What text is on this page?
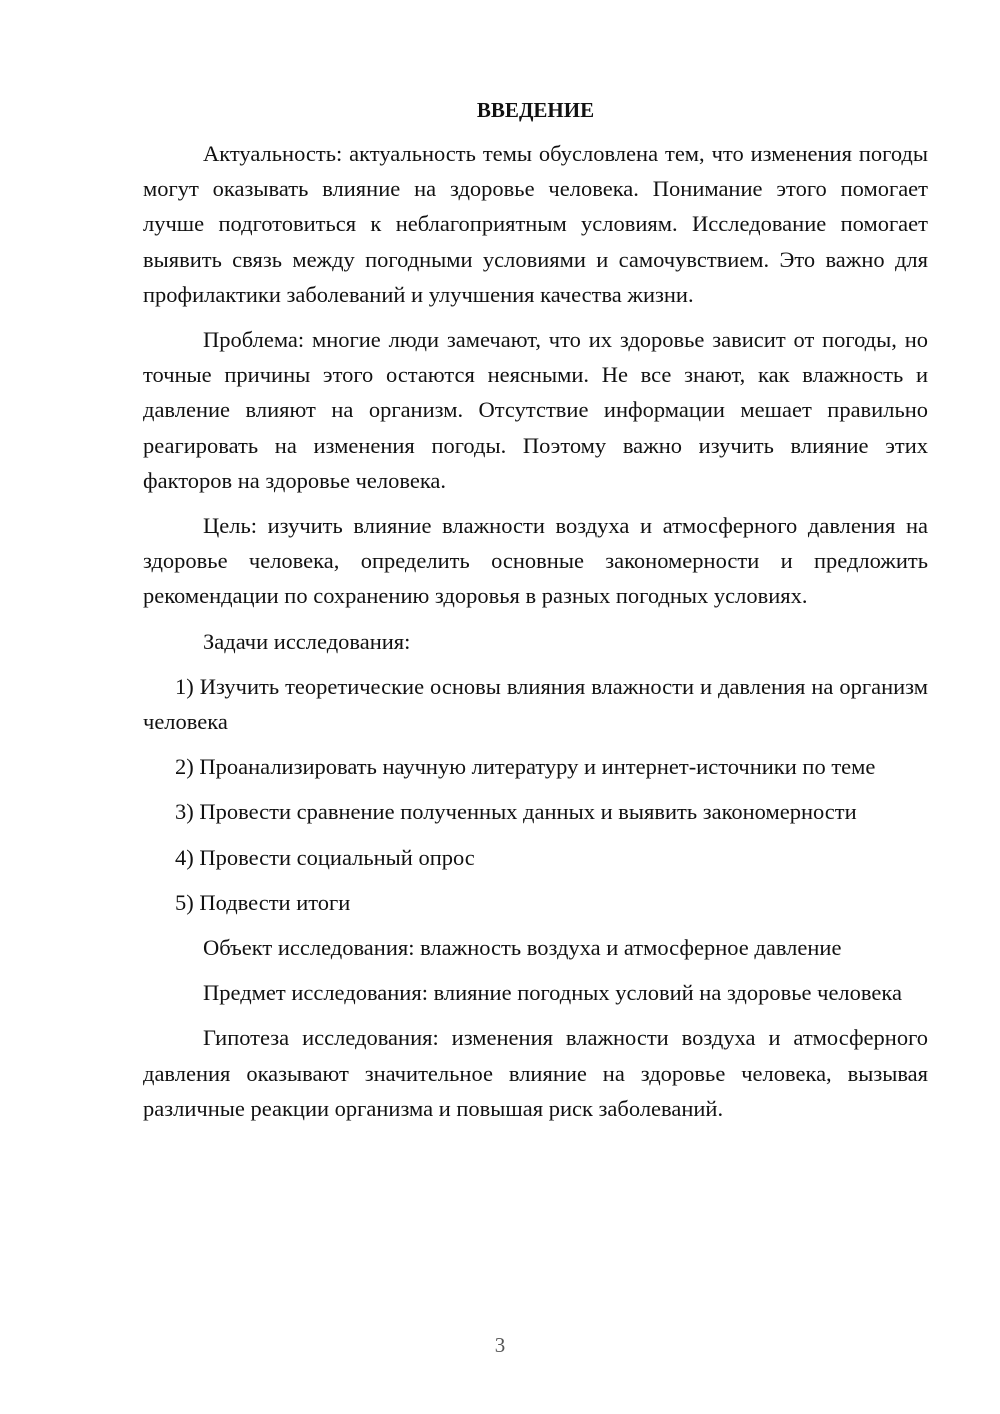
ВВЕДЕНИЕ

Актуальность: актуальность темы обусловлена тем, что изменения погоды могут оказывать влияние на здоровье человека. Понимание этого помогает лучше подготовиться к неблагоприятным условиям. Исследование помогает выявить связь между погодными условиями и самочувствием. Это важно для профилактики заболеваний и улучшения качества жизни.

Проблема: многие люди замечают, что их здоровье зависит от погоды, но точные причины этого остаются неясными. Не все знают, как влажность и давление влияют на организм. Отсутствие информации мешает правильно реагировать на изменения погоды. Поэтому важно изучить влияние этих факторов на здоровье человека.

Цель: изучить влияние влажности воздуха и атмосферного давления на здоровье человека, определить основные закономерности и предложить рекомендации по сохранению здоровья в разных погодных условиях.

Задачи исследования:

1) Изучить теоретические основы влияния влажности и давления на организм человека

2) Проанализировать научную литературу и интернет-источники по теме

3) Провести сравнение полученных данных и выявить закономерности

4) Провести социальный опрос

5) Подвести итоги

Объект исследования: влажность воздуха и атмосферное давление

Предмет исследования: влияние погодных условий на здоровье человека

Гипотеза исследования: изменения влажности воздуха и атмосферного давления оказывают значительное влияние на здоровье человека, вызывая различные реакции организма и повышая риск заболеваний.

3
